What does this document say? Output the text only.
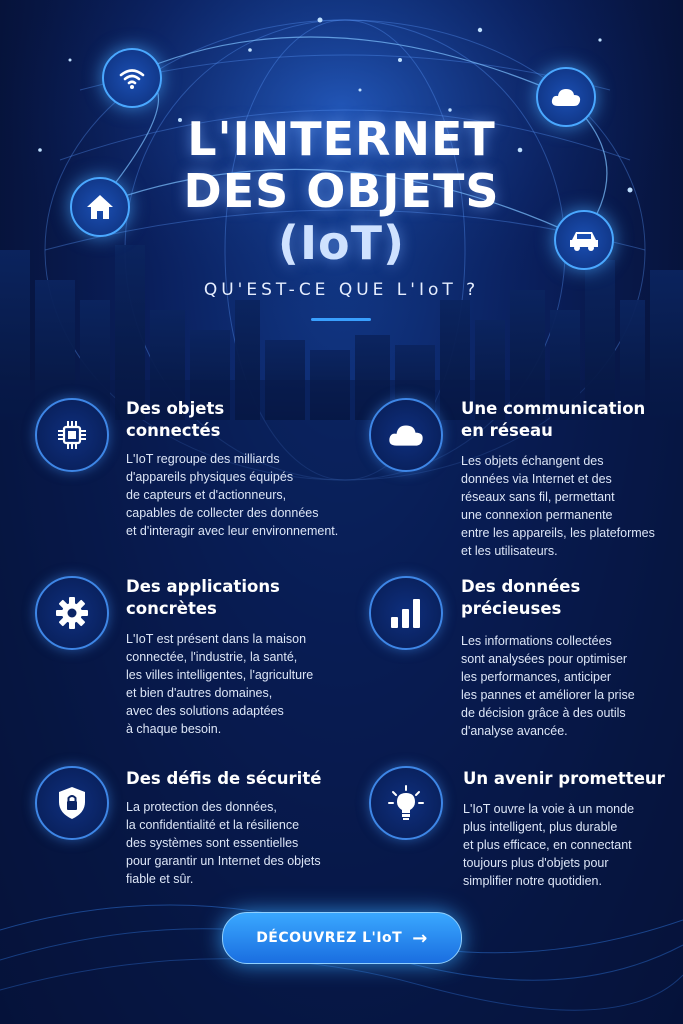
L'INTERNET
DES OBJETS
(IoT)
QU'EST-CE QUE L'IoT ?
Des objets
connectés
L'IoT regroupe des milliards
d'appareils physiques équipés
de capteurs et d'actionneurs,
capables de collecter des données
et d'interagir avec leur environnement.
Une communication
en réseau
Les objets échangent des
données via Internet et des
réseaux sans fil, permettant
une connexion permanente
entre les appareils, les plateformes
et les utilisateurs.
Des applications
concrètes
L'IoT est présent dans la maison
connectée, l'industrie, la santé,
les villes intelligentes, l'agriculture
et bien d'autres domaines,
avec des solutions adaptées
à chaque besoin.
Des données
précieuses
Les informations collectées
sont analysées pour optimiser
les performances, anticiper
les pannes et améliorer la prise
de décision grâce à des outils
d'analyse avancée.
Des défis de sécurité
La protection des données,
la confidentialité et la résilience
des systèmes sont essentielles
pour garantir un Internet des objets
fiable et sûr.
Un avenir prometteur
L'IoT ouvre la voie à un monde
plus intelligent, plus durable
et plus efficace, en connectant
toujours plus d'objets pour
simplifier notre quotidien.
DÉCOUVREZ L'IoT →
